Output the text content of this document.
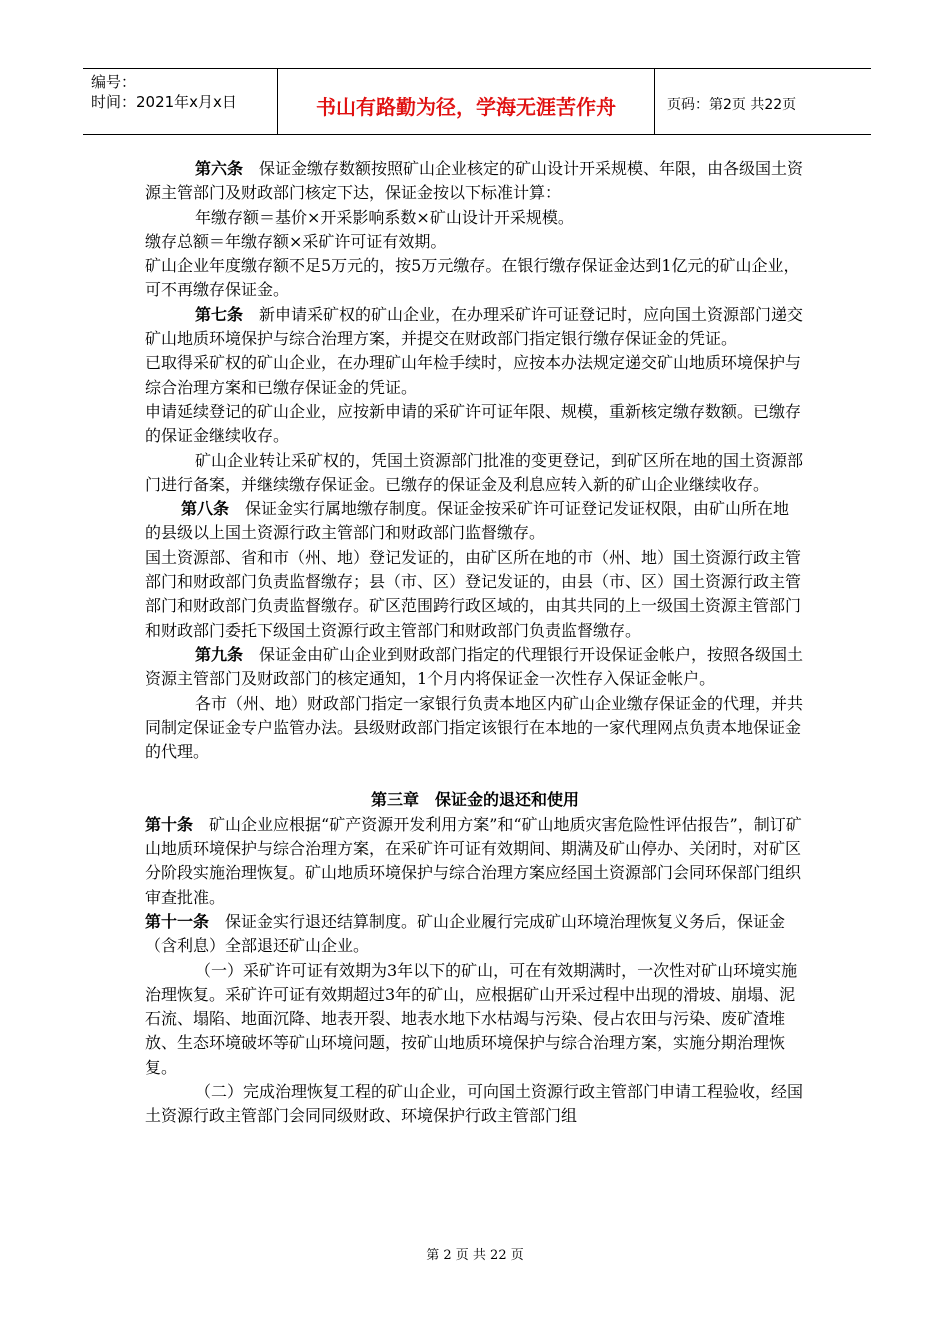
编号：
时间：2021年x月x日	书山有路勤为径，学海无涯苦作舟	页码：第2页 共22页

第六条　保证金缴存数额按照矿山企业核定的矿山设计开采规模、年限，由各级国土资源主管部门及财政部门核定下达，保证金按以下标准计算：

年缴存额＝基价×开采影响系数×矿山设计开采规模。

缴存总额＝年缴存额×采矿许可证有效期。

矿山企业年度缴存额不足5万元的，按5万元缴存。在银行缴存保证金达到1亿元的矿山企业，可不再缴存保证金。

第七条　新申请采矿权的矿山企业，在办理采矿许可证登记时，应向国土资源部门递交矿山地质环境保护与综合治理方案，并提交在财政部门指定银行缴存保证金的凭证。

已取得采矿权的矿山企业，在办理矿山年检手续时，应按本办法规定递交矿山地质环境保护与综合治理方案和已缴存保证金的凭证。

申请延续登记的矿山企业，应按新申请的采矿许可证年限、规模，重新核定缴存数额。已缴存的保证金继续收存。

矿山企业转让采矿权的，凭国土资源部门批准的变更登记，到矿区所在地的国土资源部门进行备案，并继续缴存保证金。已缴存的保证金及利息应转入新的矿山企业继续收存。

第八条　保证金实行属地缴存制度。保证金按采矿许可证登记发证权限，由矿山所在地的县级以上国土资源行政主管部门和财政部门监督缴存。

国土资源部、省和市（州、地）登记发证的，由矿区所在地的市（州、地）国土资源行政主管部门和财政部门负责监督缴存；县（市、区）登记发证的，由县（市、区）国土资源行政主管部门和财政部门负责监督缴存。矿区范围跨行政区域的，由其共同的上一级国土资源主管部门和财政部门委托下级国土资源行政主管部门和财政部门负责监督缴存。

第九条　保证金由矿山企业到财政部门指定的代理银行开设保证金帐户，按照各级国土资源主管部门及财政部门的核定通知，1个月内将保证金一次性存入保证金帐户。

各市（州、地）财政部门指定一家银行负责本地区内矿山企业缴存保证金的代理，并共同制定保证金专户监管办法。县级财政部门指定该银行在本地的一家代理网点负责本地保证金的代理。

第三章　保证金的退还和使用

第十条　矿山企业应根据“矿产资源开发利用方案”和“矿山地质灾害危险性评估报告”，制订矿山地质环境保护与综合治理方案，在采矿许可证有效期间、期满及矿山停办、关闭时，对矿区分阶段实施治理恢复。矿山地质环境保护与综合治理方案应经国土资源部门会同环保部门组织审查批准。

第十一条　保证金实行退还结算制度。矿山企业履行完成矿山环境治理恢复义务后，保证金（含利息）全部退还矿山企业。

（一）采矿许可证有效期为3年以下的矿山，可在有效期满时，一次性对矿山环境实施治理恢复。采矿许可证有效期超过3年的矿山，应根据矿山开采过程中出现的滑坡、崩塌、泥石流、塌陷、地面沉降、地表开裂、地表水地下水枯竭与污染、侵占农田与污染、废矿渣堆放、生态环境破坏等矿山环境问题，按矿山地质环境保护与综合治理方案，实施分期治理恢复。

（二）完成治理恢复工程的矿山企业，可向国土资源行政主管部门申请工程验收，经国土资源行政主管部门会同同级财政、环境保护行政主管部门组

第 2 页 共 22 页
